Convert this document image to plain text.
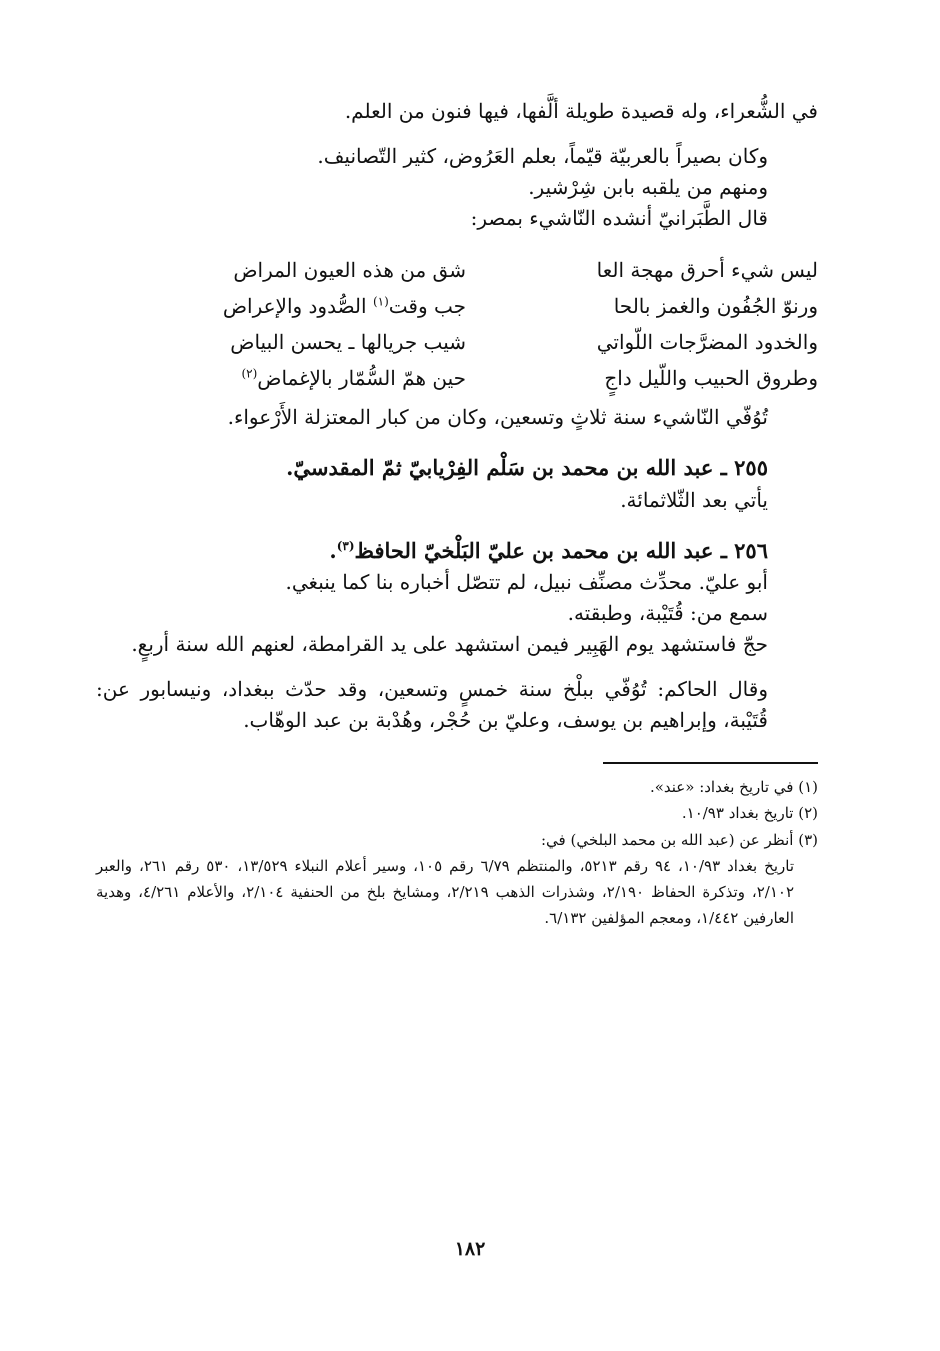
في الشُّعراء، وله قصيدة طويلة ألَّفها، فيها فنون من العلم.

وكان بصيراً بالعربيّة قيّماً، بعلم العَرُوض، كثير التّصانيف.

ومنهم من يلقبه بابن شِرْشير.

قال الطَّبَرانيّ أنشده النّاشيء بمصر:

ليس شيء أحرق مهجة العا
شق من هذه العيون المراض
ورنوّ الجُفُون والغمز بالحا
جب وقت$^{(١)}$ الصُّدود والإعراض
والخدود المضرَّجات اللّواتي
شيب جريالها ـ يحسن البياض
وطروق الحبيب واللّيل داجٍ
حين همّ السُّمّار بالإغماض$^{(٢)}$

تُوُفّي النّاشيء سنة ثلاثٍ وتسعين، وكان من كبار المعتزلة الأَرْعواء.

٢٥٥ ـ عبد الله بن محمد بن سَلْم الفِرْيابيّ ثمّ المقدسيّ.

يأتي بعد الثّلاثمائة.

٢٥٦ ـ عبد الله بن محمد بن عليّ البَلْخيّ الحافظ$^{(٣)}$.

أبو عليّ. محدِّث مصنِّف نبيل، لم تتصّل أخباره بنا كما ينبغي.

سمع من: قُتَيْبة، وطبقته.

حجّ فاستشهد يوم الهَبِير فيمن استشهد على يد القرامطة، لعنهم الله سنة أربعٍ.

وقال الحاكم: تُوُفّي ببلْخ سنة خمسٍ وتسعين، وقد حدّث ببغداد، ونيسابور عن: قُتَيْبة، وإبراهيم بن يوسف، وعليّ بن حُجْر، وهُدْبة بن عبد الوهّاب.

(١) في تاريخ بغداد: «عند».

(٢) تاريخ بغداد ١٠/٩٣.

(٣) أنظر عن (عبد الله بن محمد البلخي) في:

تاريخ بغداد ١٠/٩٣، ٩٤ رقم ٥٢١٣، والمنتظم ٦/٧٩ رقم ١٠٥، وسير أعلام النبلاء ١٣/٥٢٩، ٥٣٠ رقم ٢٦١، والعبر ٢/١٠٢، وتذكرة الحفاظ ٢/١٩٠، وشذرات الذهب ٢/٢١٩، ومشايخ بلخ من الحنفية ٢/١٠٤، والأعلام ٤/٢٦١، وهدية العارفين ١/٤٤٢، ومعجم المؤلفين ٦/١٣٢.

١٨٢
